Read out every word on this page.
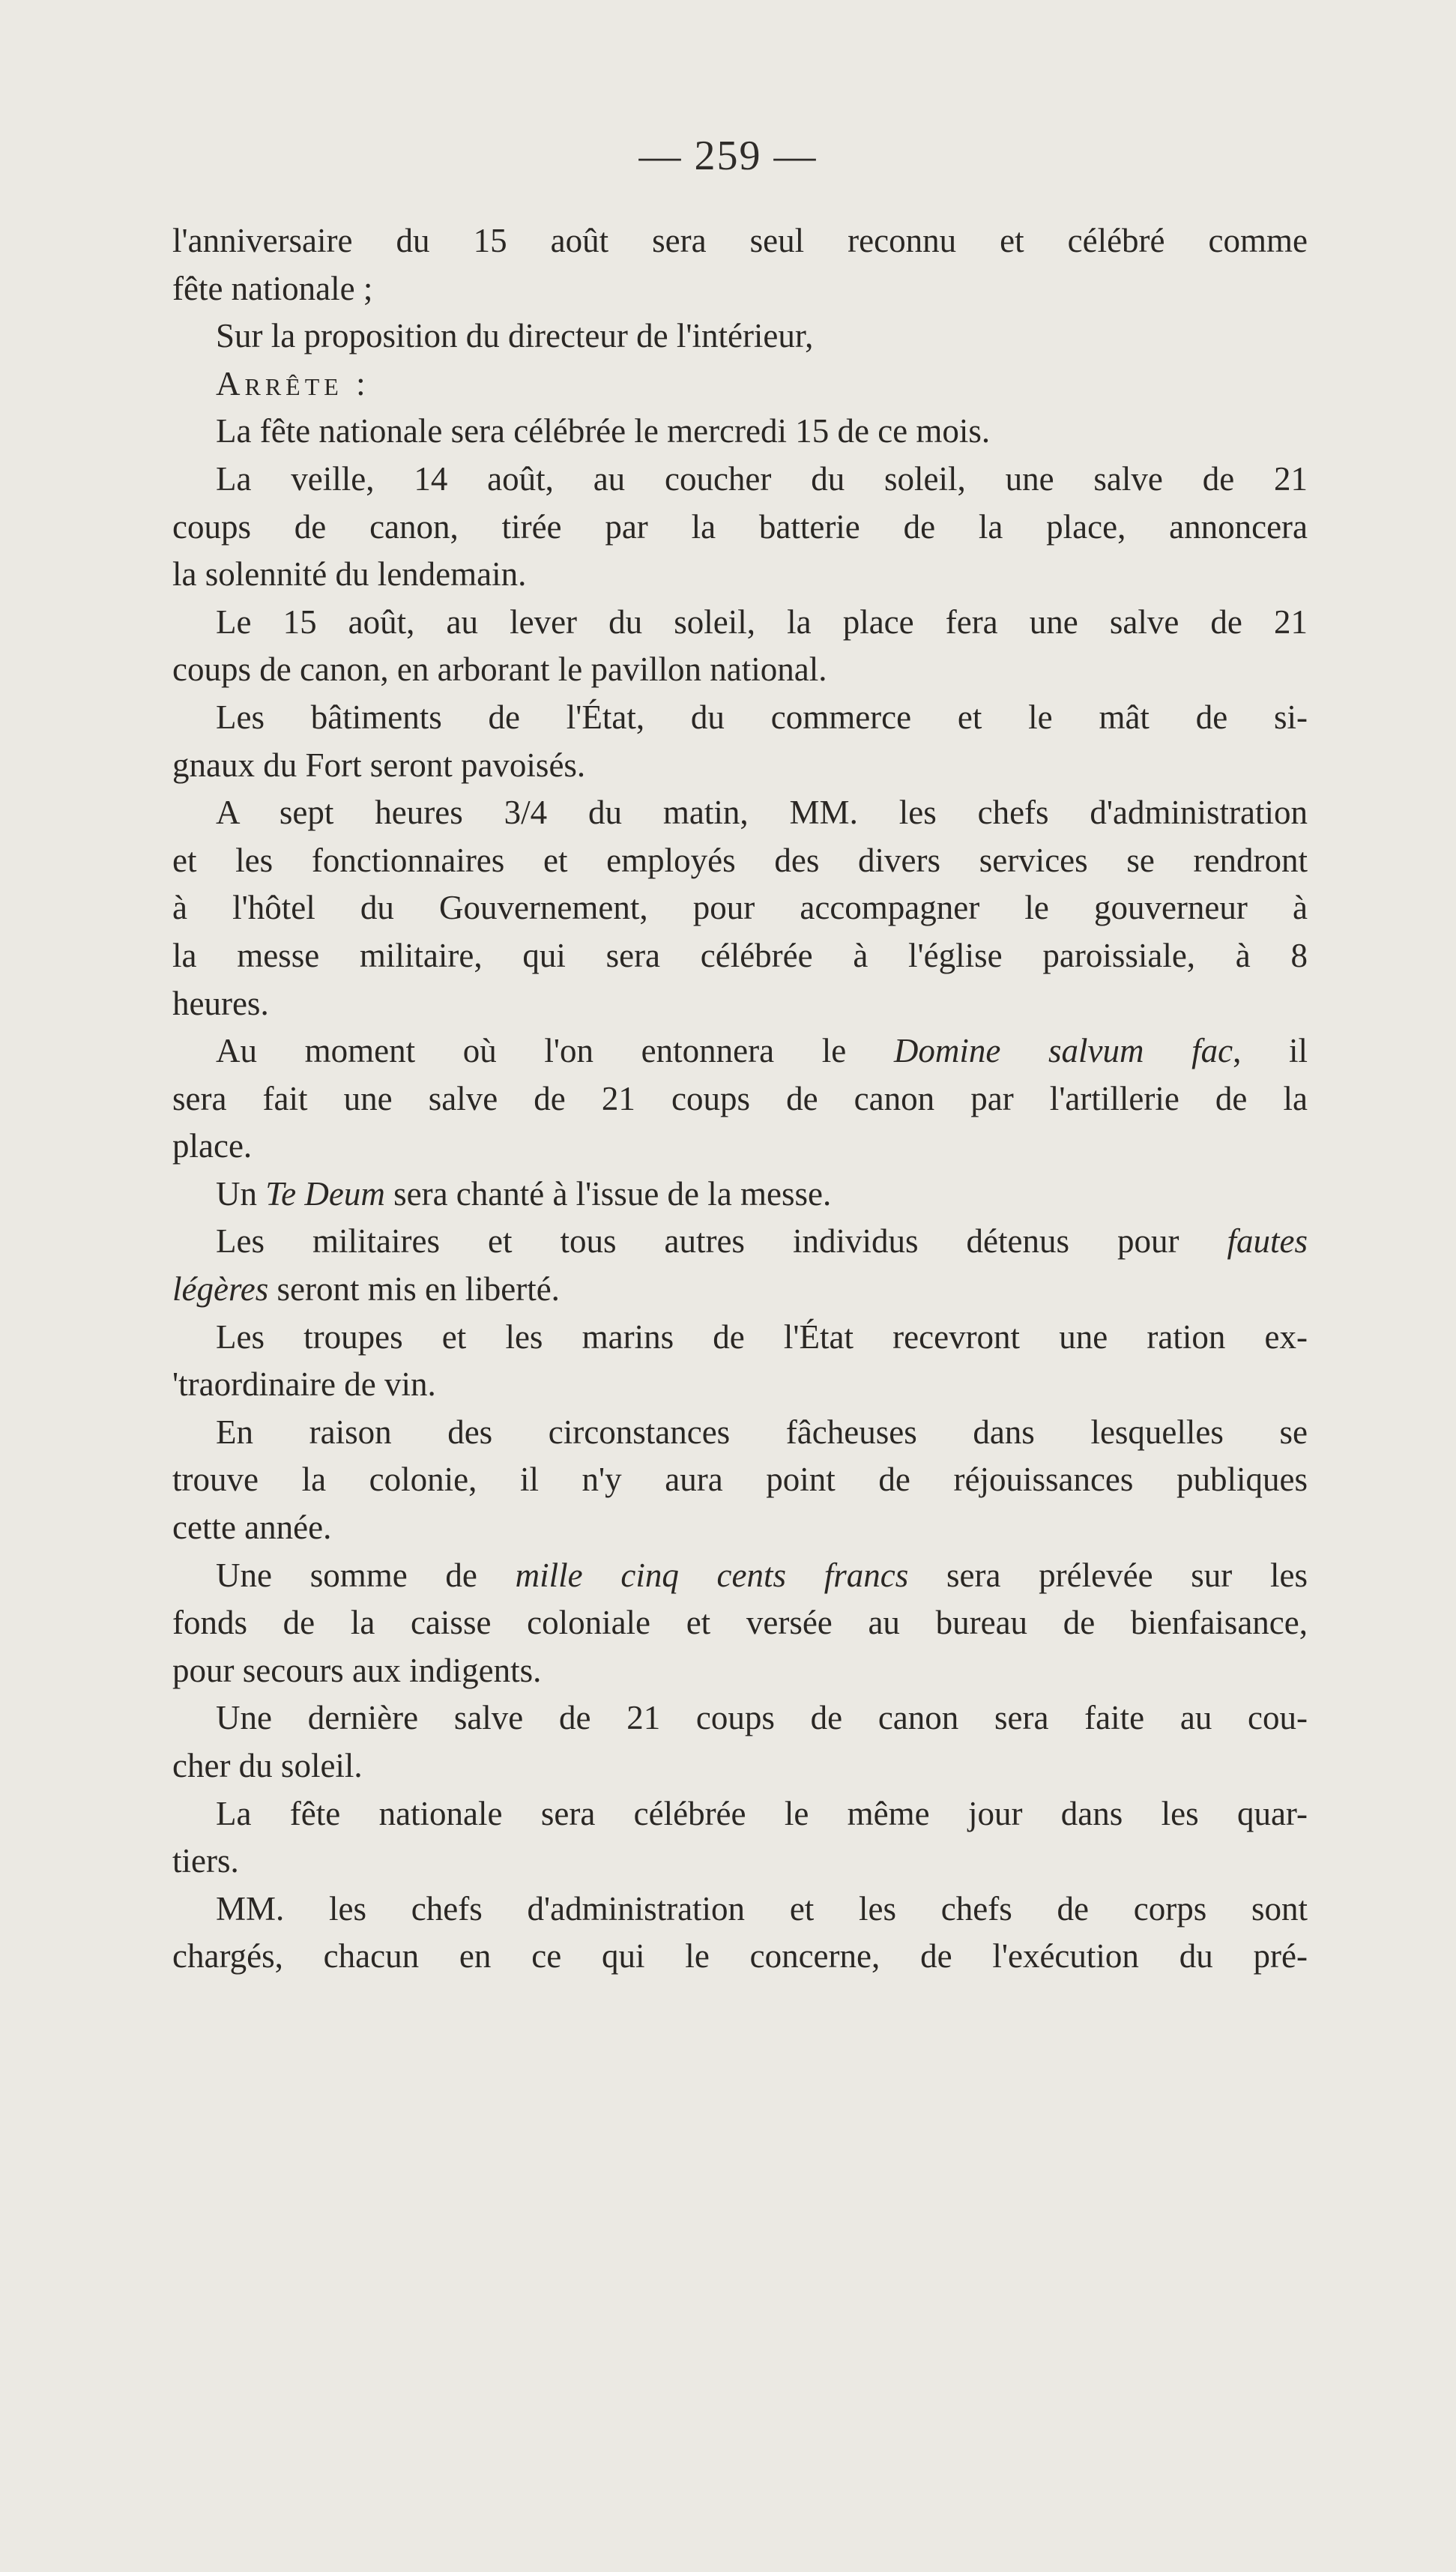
— 259 —
l'anniversaire du 15 août sera seul reconnu et célébré comme
fête nationale ;
Sur la proposition du directeur de l'intérieur,
Arrête :
La fête nationale sera célébrée le mercredi 15 de ce mois.
La veille, 14 août, au coucher du soleil, une salve de 21
coups de canon, tirée par la batterie de la place, annoncera
la solennité du lendemain.
Le 15 août, au lever du soleil, la place fera une salve de 21
coups de canon, en arborant le pavillon national.
Les bâtiments de l'État, du commerce et le mât de si-
gnaux du Fort seront pavoisés.
A sept heures 3/4 du matin, MM. les chefs d'administration
et les fonctionnaires et employés des divers services se rendront
à l'hôtel du Gouvernement, pour accompagner le gouverneur à
la messe militaire, qui sera célébrée à l'église paroissiale, à 8
heures.
Au moment où l'on entonnera le Domine salvum fac, il
sera fait une salve de 21 coups de canon par l'artillerie de la
place.
Un Te Deum sera chanté à l'issue de la messe.
Les militaires et tous autres individus détenus pour fautes
légères seront mis en liberté.
Les troupes et les marins de l'État recevront une ration ex-
'traordinaire de vin.
En raison des circonstances fâcheuses dans lesquelles se
trouve la colonie, il n'y aura point de réjouissances publiques
cette année.
Une somme de mille cinq cents francs sera prélevée sur les
fonds de la caisse coloniale et versée au bureau de bienfaisance,
pour secours aux indigents.
Une dernière salve de 21 coups de canon sera faite au cou-
cher du soleil.
La fête nationale sera célébrée le même jour dans les quar-
tiers.
MM. les chefs d'administration et les chefs de corps sont
chargés, chacun en ce qui le concerne, de l'exécution du pré-
